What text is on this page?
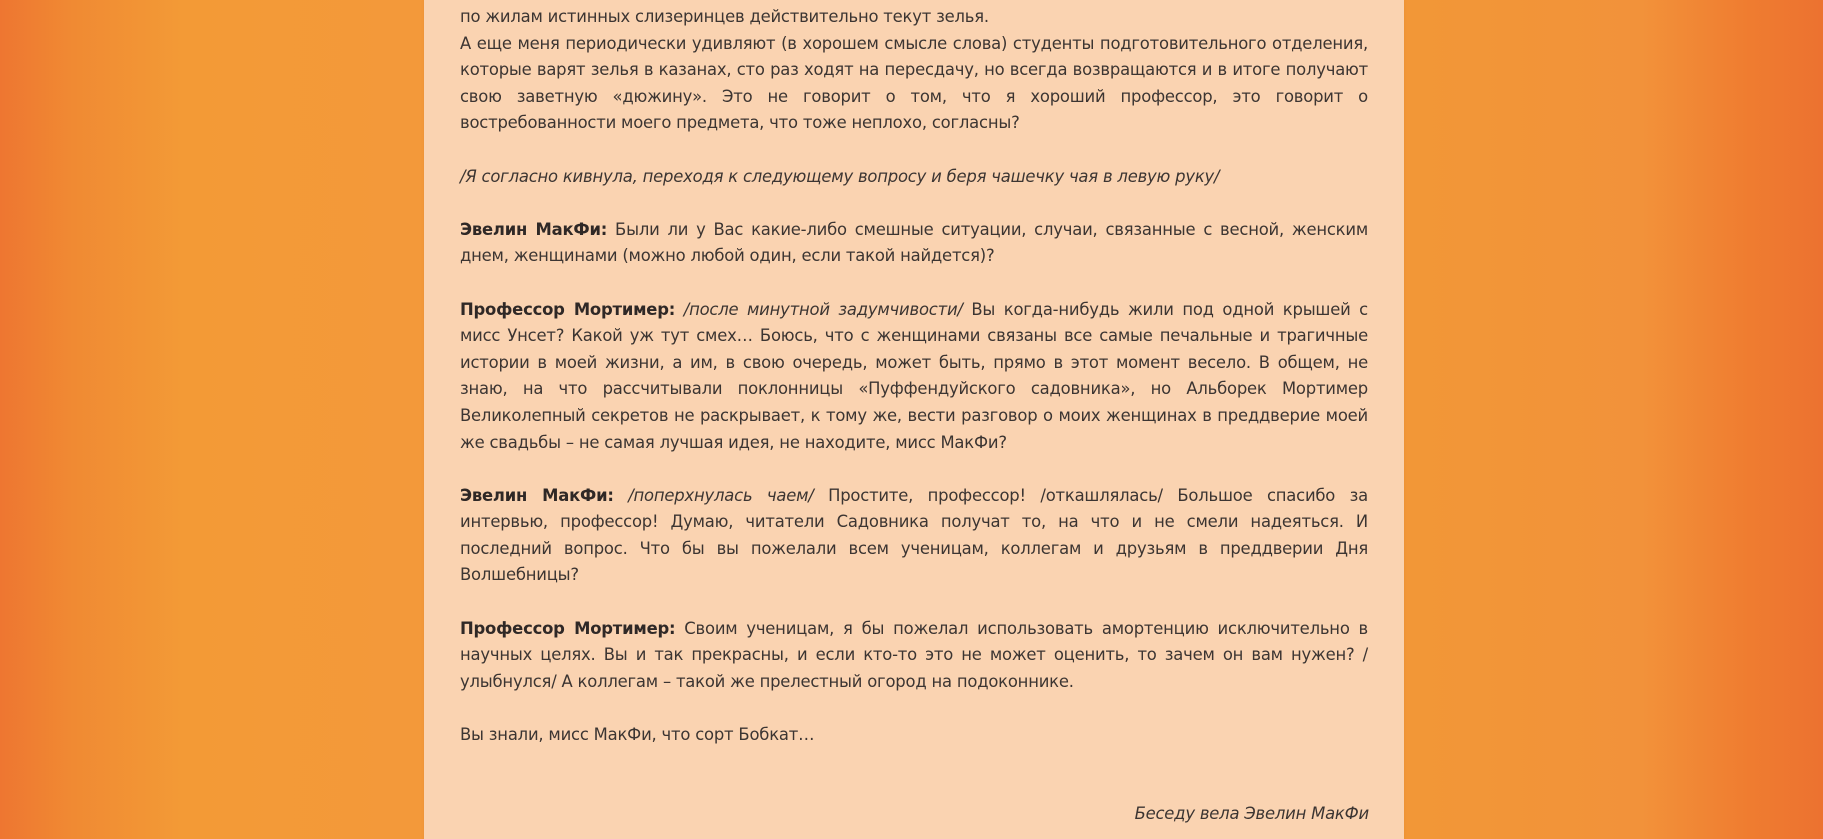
по жилам истинных слизеринцев действительно текут зелья.

А еще меня периодически удивляют (в хорошем смысле слова) студенты подготовительного отделения, которые варят зелья в казанах, сто раз ходят на пересдачу, но всегда возвращаются и в итоге получают свою заветную «дюжину». Это не говорит о том, что я хороший профессор, это говорит о востребованности моего предмета, что тоже неплохо, согласны?

/Я согласно кивнула, переходя к следующему вопросу и беря чашечку чая в левую руку/

Эвелин МакФи: Были ли у Вас какие-либо смешные ситуации, случаи, связанные с весной, женским днем, женщинами (можно любой один, если такой найдется)?

Профессор Мортимер: /после минутной задумчивости/ Вы когда-нибудь жили под одной крышей с мисс Унсет? Какой уж тут смех… Боюсь, что с женщинами связаны все самые печальные и трагичные истории в моей жизни, а им, в свою очередь, может быть, прямо в этот момент весело. В общем, не знаю, на что рассчитывали поклонницы «Пуффендуйского садовника», но Альборек Мортимер Великолепный секретов не раскрывает, к тому же, вести разговор о моих женщинах в преддверие моей же свадьбы – не самая лучшая идея, не находите, мисс МакФи?

Эвелин МакФи: /поперхнулась чаем/ Простите, профессор! /откашлялась/ Большое спасибо за интервью, профессор! Думаю, читатели Садовника получат то, на что и не смели надеяться. И последний вопрос. Что бы вы пожелали всем ученицам, коллегам и друзьям в преддверии Дня Волшебницы?

Профессор Мортимер: Своим ученицам, я бы пожелал использовать амортенцию исключительно в научных целях. Вы и так прекрасны, и если кто-то это не может оценить, то зачем он вам нужен? /улыбнулся/ А коллегам – такой же прелестный огород на подоконнике.

Вы знали, мисс МакФи, что сорт Бобкат…

Беседу вела Эвелин МакФи
